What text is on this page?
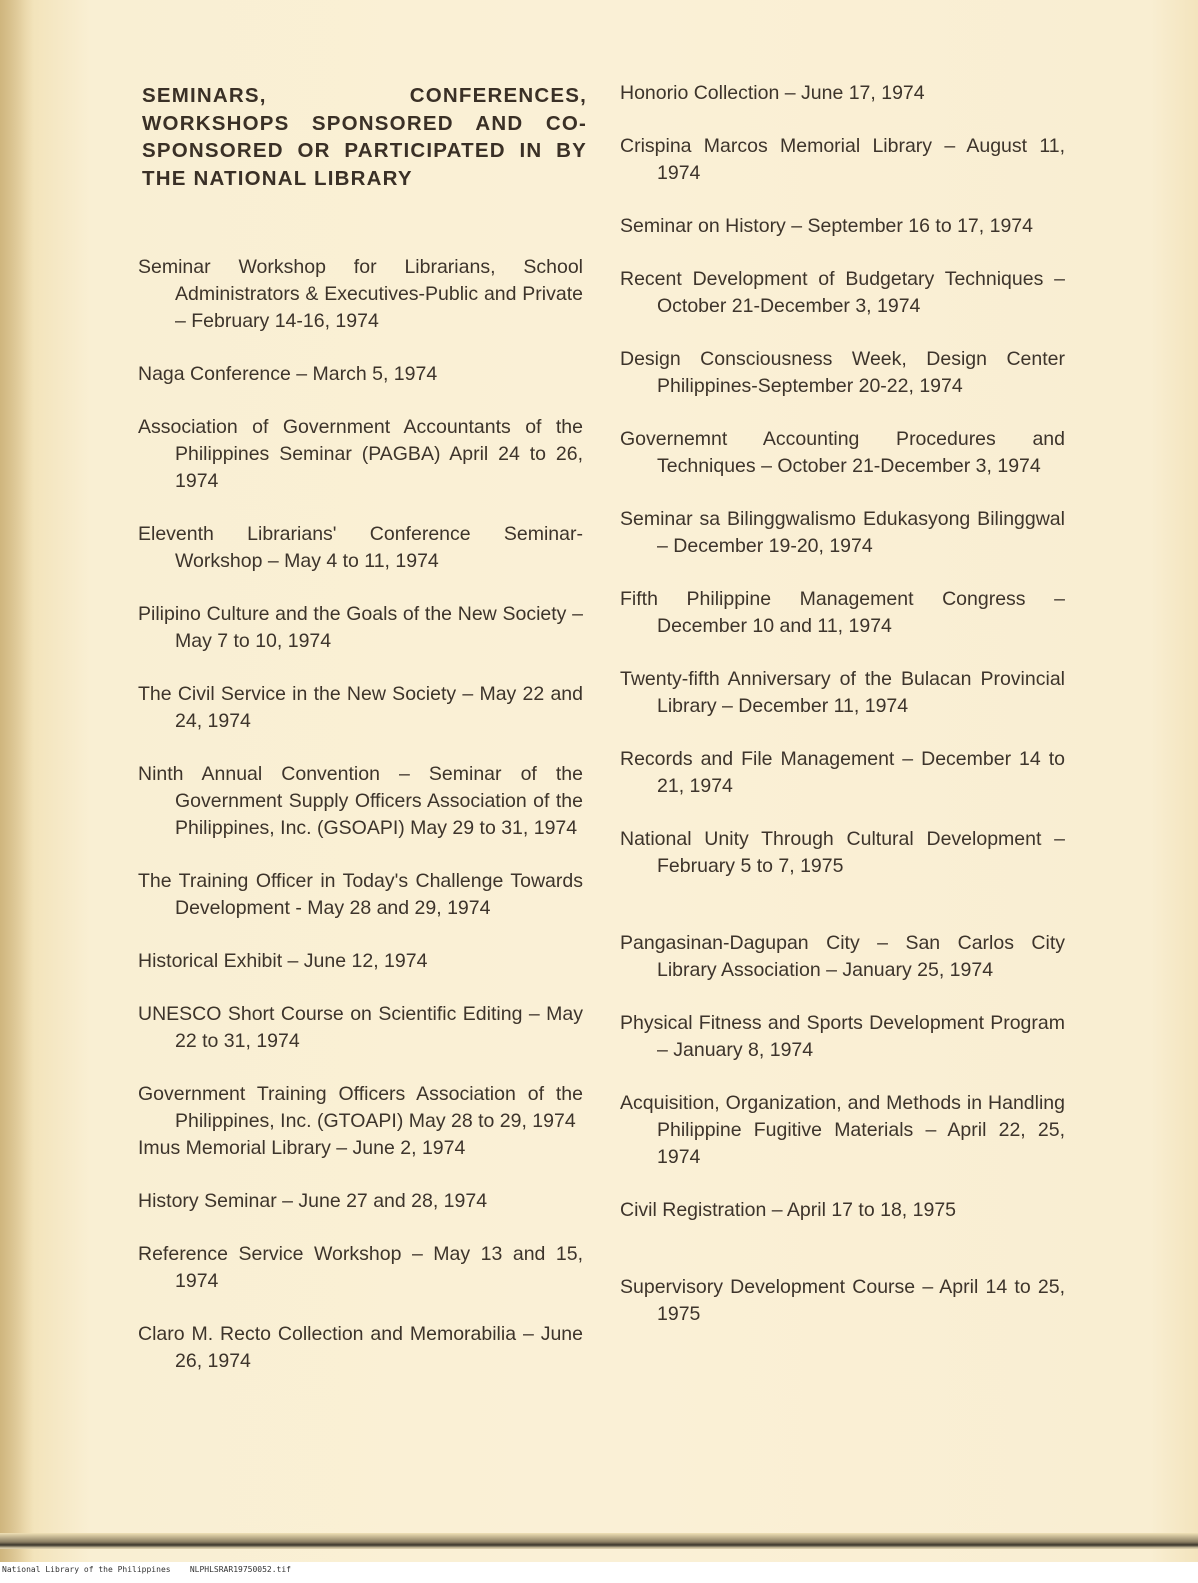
SEMINARS, CONFERENCES, WORKSHOPS SPONSORED AND CO-SPONSORED OR PARTICIPATED IN BY THE NATIONAL LIBRARY
Seminar Workshop for Librarians, School Administrators & Executives-Public and Private – February 14-16, 1974
Naga Conference – March 5, 1974
Association of Government Accountants of the Philippines Seminar (PAGBA) April 24 to 26, 1974
Eleventh Librarians' Conference Seminar-Workshop – May 4 to 11, 1974
Pilipino Culture and the Goals of the New Society – May 7 to 10, 1974
The Civil Service in the New Society – May 22 and 24, 1974
Ninth Annual Convention – Seminar of the Government Supply Officers Association of the Philippines, Inc. (GSOAPI) May 29 to 31, 1974
The Training Officer in Today's Challenge Towards Development - May 28 and 29, 1974
Historical Exhibit – June 12, 1974
UNESCO Short Course on Scientific Editing – May 22 to 31, 1974
Government Training Officers Association of the Philippines, Inc. (GTOAPI) May 28 to 29, 1974
Imus Memorial Library – June 2, 1974
History Seminar – June 27 and 28, 1974
Reference Service Workshop – May 13 and 15, 1974
Claro M. Recto Collection and Memorabilia – June 26, 1974
Honorio Collection – June 17, 1974
Crispina Marcos Memorial Library – August 11, 1974
Seminar on History – September 16 to 17, 1974
Recent Development of Budgetary Techniques – October 21-December 3, 1974
Design Consciousness Week, Design Center Philippines-September 20-22, 1974
Governemnt Accounting Procedures and Techniques – October 21-December 3, 1974
Seminar sa Bilinggwalismo Edukasyong Bilinggwal – December 19-20, 1974
Fifth Philippine Management Congress – December 10 and 11, 1974
Twenty-fifth Anniversary of the Bulacan Provincial Library – December 11, 1974
Records and File Management – December 14 to 21, 1974
National Unity Through Cultural Development – February 5 to 7, 1975
Pangasinan-Dagupan City – San Carlos City Library Association – January 25, 1974
Physical Fitness and Sports Development Program – January 8, 1974
Acquisition, Organization, and Methods in Handling Philippine Fugitive Materials – April 22, 25, 1974
Civil Registration – April 17 to 18, 1975
Supervisory Development Course – April 14 to 25, 1975
National Library of the Philippines NLPHLSRAR19750052.tif
